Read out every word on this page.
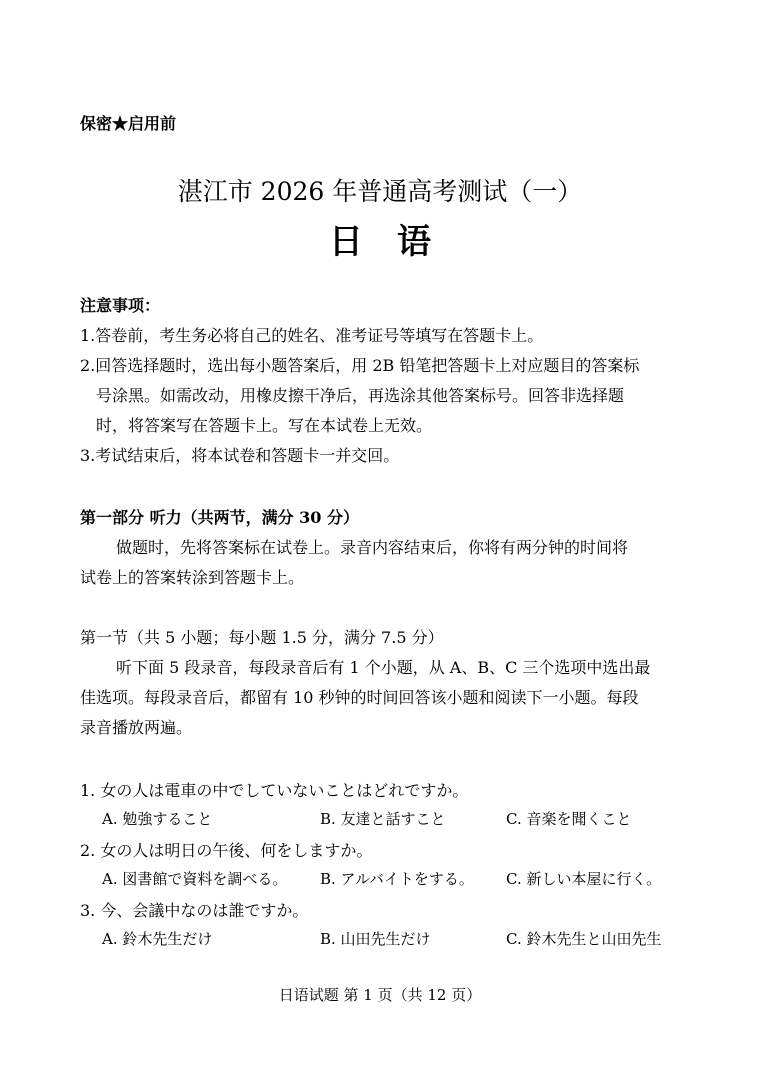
保密★启用前
湛江市 2026 年普通高考测试（一）
日语
注意事项：
1.答卷前，考生务必将自己的姓名、准考证号等填写在答题卡上。
2.回答选择题时，选出每小题答案后，用 2B 铅笔把答题卡上对应题目的答案标
号涂黑。如需改动，用橡皮擦干净后，再选涂其他答案标号。回答非选择题
时，将答案写在答题卡上。写在本试卷上无效。
3.考试结束后，将本试卷和答题卡一并交回。
第一部分 听力（共两节，满分 30 分）
做题时，先将答案标在试卷上。录音内容结束后，你将有两分钟的时间将
试卷上的答案转涂到答题卡上。
第一节（共 5 小题；每小题 1.5 分，满分 7.5 分）
听下面 5 段录音，每段录音后有 1 个小题，从 A、B、C 三个选项中选出最
佳选项。每段录音后，都留有 10 秒钟的时间回答该小题和阅读下一小题。每段
录音播放两遍。
1. 女の人は電車の中でしていないことはどれですか。
A. 勉強すること	B. 友達と話すこと	C. 音楽を聞くこと
2. 女の人は明日の午後、何をしますか。
A. 図書館で資料を調べる。 B. アルバイトをする。 C. 新しい本屋に行く。
3. 今、会議中なのは誰ですか。
A. 鈴木先生だけ	B. 山田先生だけ	C. 鈴木先生と山田先生
日语试题 第 1 页（共 12 页）
